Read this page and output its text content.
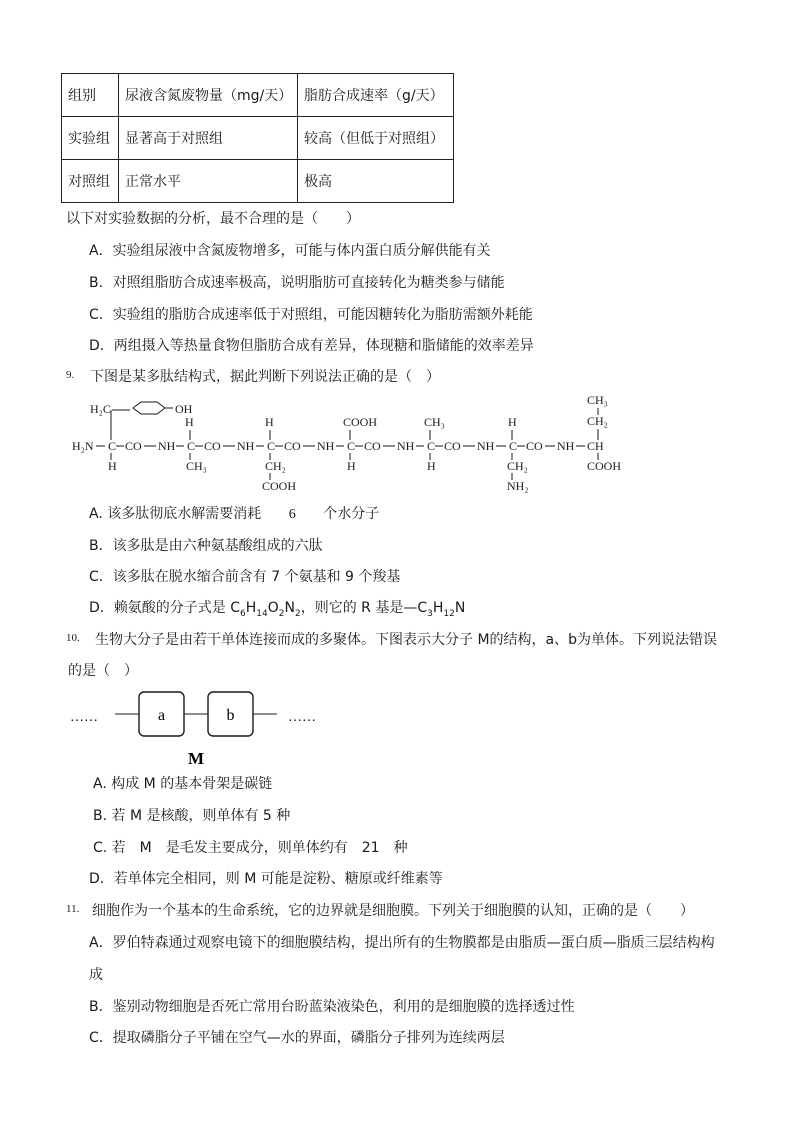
组别	尿液含氮废物量（mg/天）	脂肪合成速率（g/天）
实验组	显著高于对照组	较高（但低于对照组）
对照组	正常水平	极高
以下对实验数据的分析，最不合理的是（　　）
A．实验组尿液中含氮废物增多，可能与体内蛋白质分解供能有关
B．对照组脂肪合成速率极高，说明脂肪可直接转化为糖类参与储能
C．实验组的脂肪合成速率低于对照组，可能因糖转化为脂肪需额外耗能
D．两组摄入等热量食物但脂肪合成有差异，体现糖和脂储能的效率差异
9. 下图是某多肽结构式，据此判断下列说法正确的是（　）
H₂C	OH
H	H	COOH	CH₃	H
CH₃
CH₂
H₂N C CO NH C CO NH C CO NH C CO NH C CO NH C CO NH CH
COOH
H	CH₃	CH₂	H	H	CH₂
COOH	NH₂
A. 该多肽彻底水解需要消耗 6 个水分子
B．该多肽是由六种氨基酸组成的六肽
C．该多肽在脱水缩合前含有 7 个氨基和 9 个羧基
D．赖氨酸的分子式是 $C_6H_{14}O_2N_2$，则它的 R 基是$—C_3H_{12}N$
10. 生物大分子是由若干单体连接而成的多聚体。下图表示大分子 M的结构，a、b为单体。下列说法错误
的是（　）
……	a	b	……
M
A. 构成 M 的基本骨架是碳链
B. 若 M 是核酸，则单体有 5 种
C. 若　M　是毛发主要成分，则单体约有　21　种
D．若单体完全相同，则 M 可能是淀粉、糖原或纤维素等
11. 细胞作为一个基本的生命系统，它的边界就是细胞膜。下列关于细胞膜的认知，正确的是（　　）
A．罗伯特森通过观察电镜下的细胞膜结构，提出所有的生物膜都是由脂质—蛋白质—脂质三层结构构
成
B．鉴别动物细胞是否死亡常用台盼蓝染液染色，利用的是细胞膜的选择透过性
C．提取磷脂分子平铺在空气—水的界面，磷脂分子排列为连续两层
